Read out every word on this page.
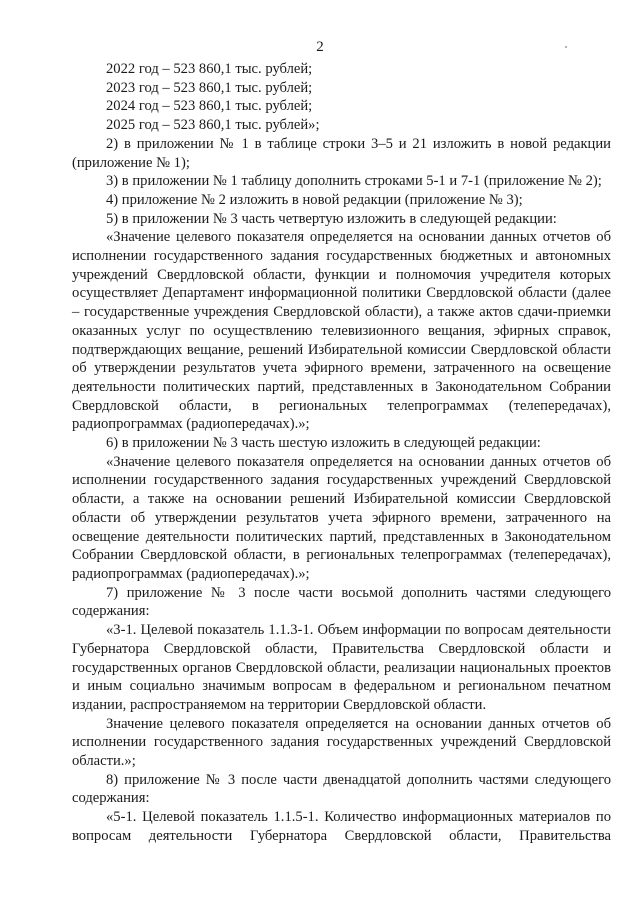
2

2022 год – 523 860,1 тыс. рублей;

2023 год – 523 860,1 тыс. рублей;

2024 год – 523 860,1 тыс. рублей;

2025 год – 523 860,1 тыс. рублей»;

2) в приложении № 1 в таблице строки 3–5 и 21 изложить в новой редакции (приложение № 1);

3) в приложении № 1 таблицу дополнить строками 5-1 и 7-1 (приложение № 2);

4) приложение № 2 изложить в новой редакции (приложение № 3);

5) в приложении № 3 часть четвертую изложить в следующей редакции:

«Значение целевого показателя определяется на основании данных отчетов об исполнении государственного задания государственных бюджетных и автономных учреждений Свердловской области, функции и полномочия учредителя которых осуществляет Департамент информационной политики Свердловской области (далее – государственные учреждения Свердловской области), а также актов сдачи-приемки оказанных услуг по осуществлению телевизионного вещания, эфирных справок, подтверждающих вещание, решений Избирательной комиссии Свердловской области об утверждении результатов учета эфирного времени, затраченного на освещение деятельности политических партий, представленных в Законодательном Собрании Свердловской области, в региональных телепрограммах (телепередачах), радиопрограммах (радиопередачах).»;

6) в приложении № 3 часть шестую изложить в следующей редакции:

«Значение целевого показателя определяется на основании данных отчетов об исполнении государственного задания государственных учреждений Свердловской области, а также на основании решений Избирательной комиссии Свердловской области об утверждении результатов учета эфирного времени, затраченного на освещение деятельности политических партий, представленных в Законодательном Собрании Свердловской области, в региональных телепрограммах (телепередачах), радиопрограммах (радиопередачах).»;

7) приложение № 3 после части восьмой дополнить частями следующего содержания:

«3-1. Целевой показатель 1.1.3-1. Объем информации по вопросам деятельности Губернатора Свердловской области, Правительства Свердловской области и государственных органов Свердловской области, реализации национальных проектов и иным социально значимым вопросам в федеральном и региональном печатном издании, распространяемом на территории Свердловской области.

Значение целевого показателя определяется на основании данных отчетов об исполнении государственного задания государственных учреждений Свердловской области.»;

8) приложение № 3 после части двенадцатой дополнить частями следующего содержания:

«5-1. Целевой показатель 1.1.5-1. Количество информационных материалов по вопросам деятельности Губернатора Свердловской области, Правительства
